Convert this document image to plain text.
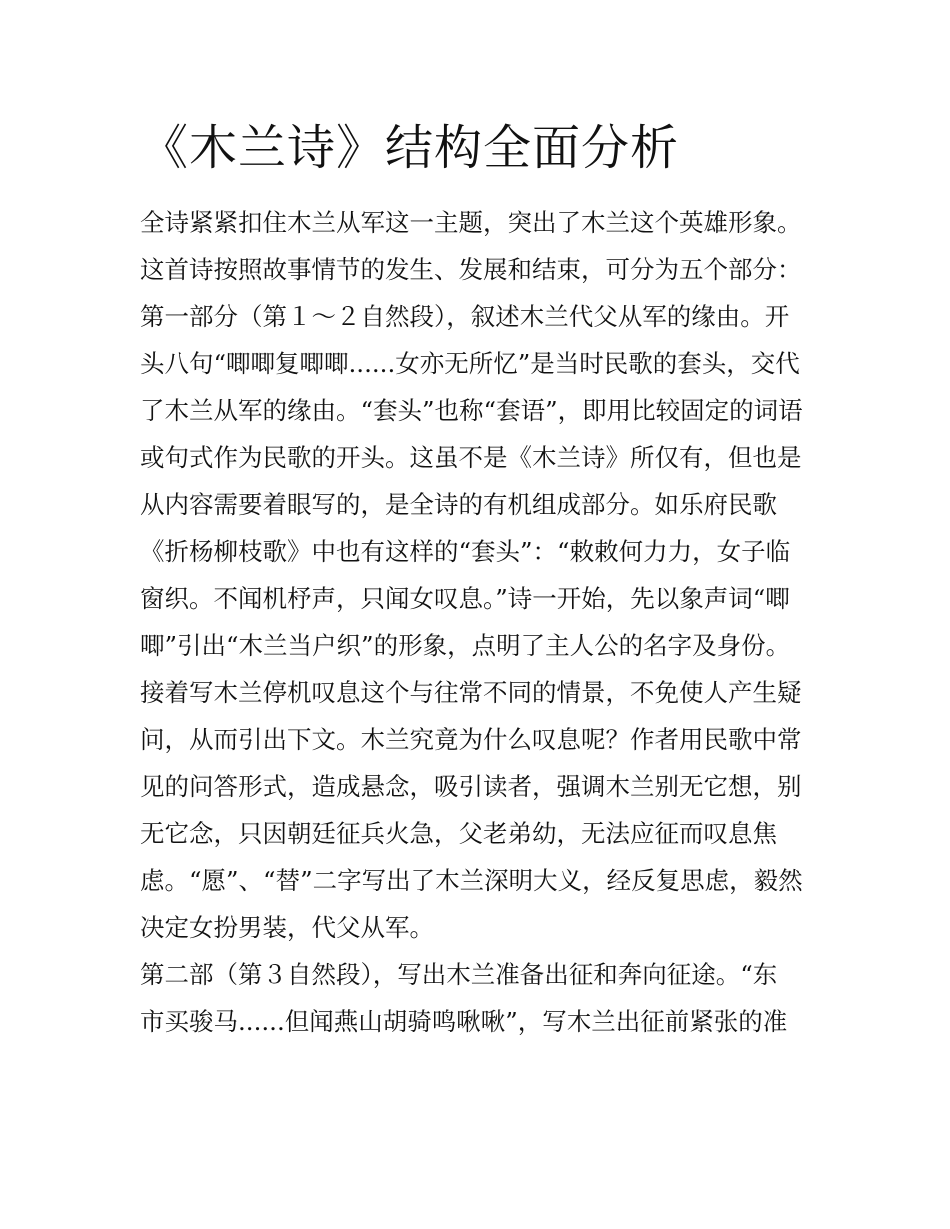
《木兰诗》结构全面分析

全诗紧紧扣住木兰从军这一主题，突出了木兰这个英雄形象。

这首诗按照故事情节的发生、发展和结束，可分为五个部分：

第一部分（第１～２自然段），叙述木兰代父从军的缘由。开

头八句“唧唧复唧唧......女亦无所忆”是当时民歌的套头，交代

了木兰从军的缘由。“套头”也称“套语”，即用比较固定的词语

或句式作为民歌的开头。这虽不是《木兰诗》所仅有，但也是

从内容需要着眼写的，是全诗的有机组成部分。如乐府民歌

《折杨柳枝歌》中也有这样的“套头”：“敕敕何力力，女子临

窗织。不闻机杼声，只闻女叹息。”诗一开始，先以象声词“唧

唧”引出“木兰当户织”的形象，点明了主人公的名字及身份。

接着写木兰停机叹息这个与往常不同的情景，不免使人产生疑

问，从而引出下文。木兰究竟为什么叹息呢？作者用民歌中常

见的问答形式，造成悬念，吸引读者，强调木兰别无它想，别

无它念，只因朝廷征兵火急，父老弟幼，无法应征而叹息焦

虑。“愿”、“替”二字写出了木兰深明大义，经反复思虑，毅然

决定女扮男装，代父从军。

第二部（第３自然段），写出木兰准备出征和奔向征途。“东

市买骏马......但闻燕山胡骑鸣啾啾”，写木兰出征前紧张的准
